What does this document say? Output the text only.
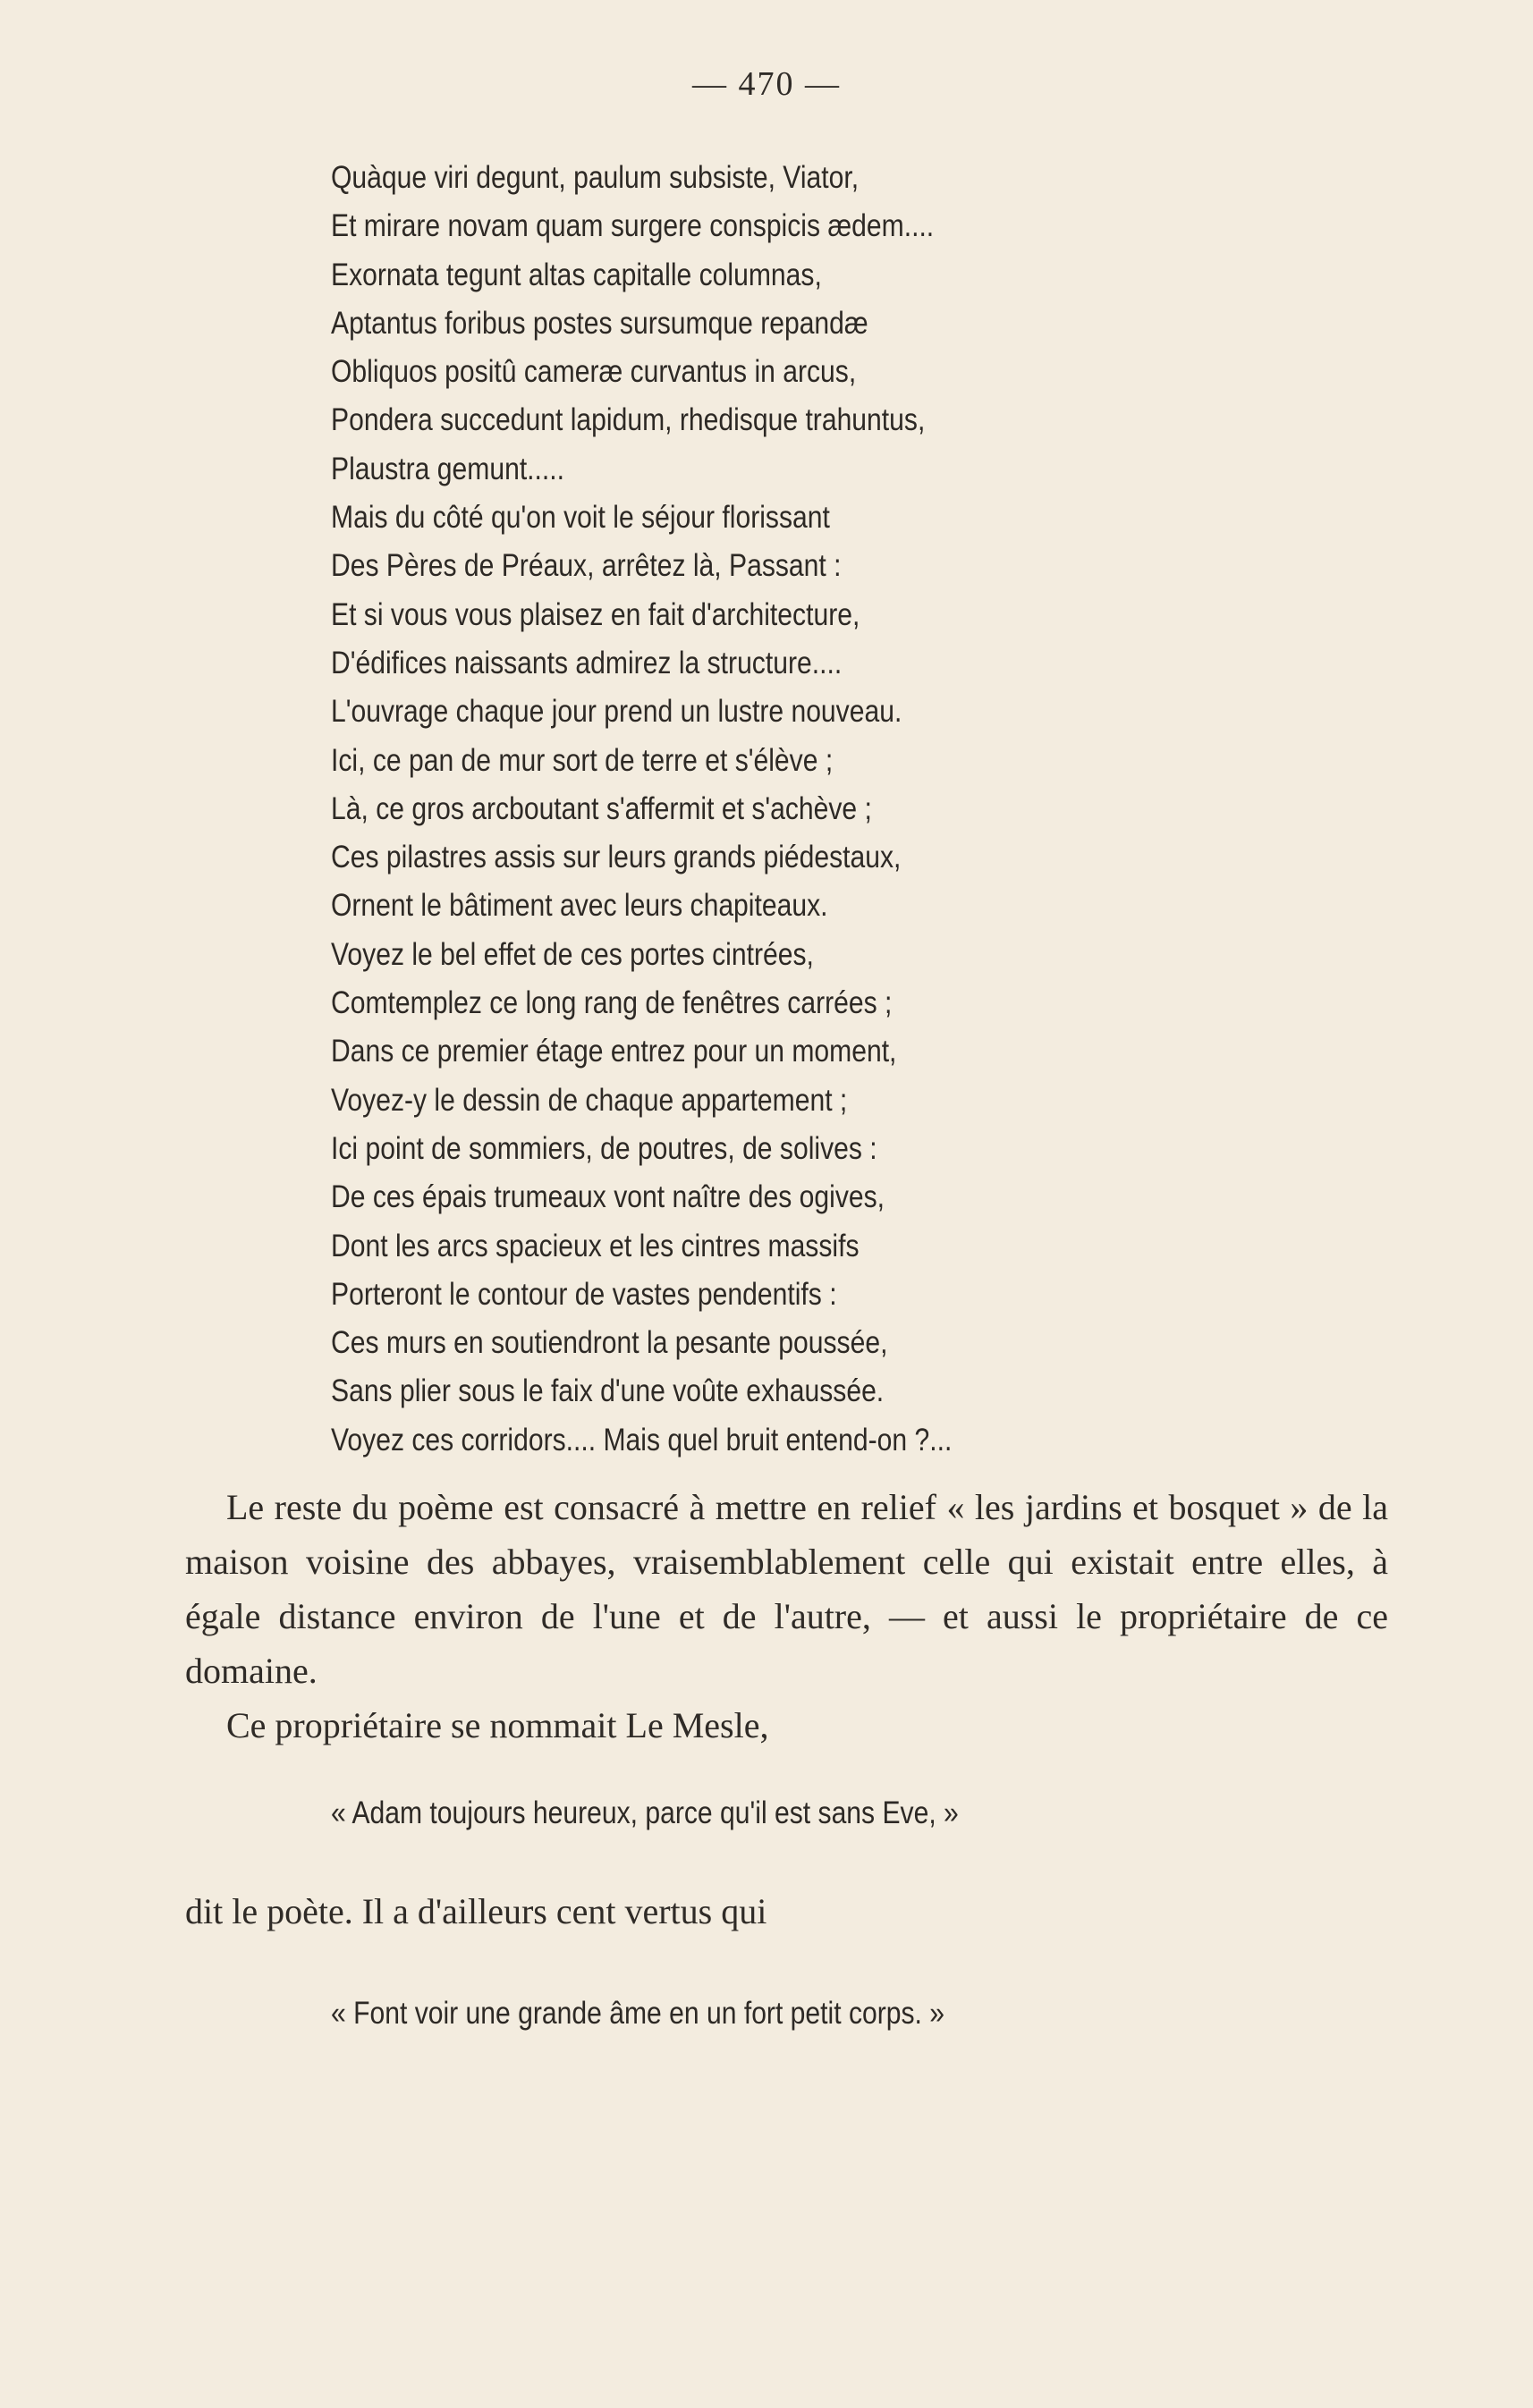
— 470 —
Quàque viri degunt, paulum subsiste, Viator,
Et mirare novam quam surgere conspicis ædem....
Exornata tegunt altas capitalle columnas,
Aptantus foribus postes sursumque repandæ
Obliquos positû cameræ curvantus in arcus,
Pondera succedunt lapidum, rhedisque trahuntus,
Plaustra gemunt.....
Mais du côté qu'on voit le séjour florissant
Des Pères de Préaux, arrêtez là, Passant :
Et si vous vous plaisez en fait d'architecture,
D'édifices naissants admirez la structure....
L'ouvrage chaque jour prend un lustre nouveau.
Ici, ce pan de mur sort de terre et s'élève ;
Là, ce gros arcboutant s'affermit et s'achève ;
Ces pilastres assis sur leurs grands piédestaux,
Ornent le bâtiment avec leurs chapiteaux.
Voyez le bel effet de ces portes cintrées,
Comtemplez ce long rang de fenêtres carrées ;
Dans ce premier étage entrez pour un moment,
Voyez-y le dessin de chaque appartement ;
Ici point de sommiers, de poutres, de solives :
De ces épais trumeaux vont naître des ogives,
Dont les arcs spacieux et les cintres massifs
Porteront le contour de vastes pendentifs :
Ces murs en soutiendront la pesante poussée,
Sans plier sous le faix d'une voûte exhaussée.
Voyez ces corridors.... Mais quel bruit entend-on ?...

Le reste du poème est consacré à mettre en relief « les jardins et bosquet » de la maison voisine des abbayes, vraisemblablement celle qui existait entre elles, à égale distance environ de l'une et de l'autre, — et aussi le propriétaire de ce domaine.

Ce propriétaire se nommait Le Mesle,

« Adam toujours heureux, parce qu'il est sans Eve, »
dit le poète. Il a d'ailleurs cent vertus qui
« Font voir une grande âme en un fort petit corps. »
